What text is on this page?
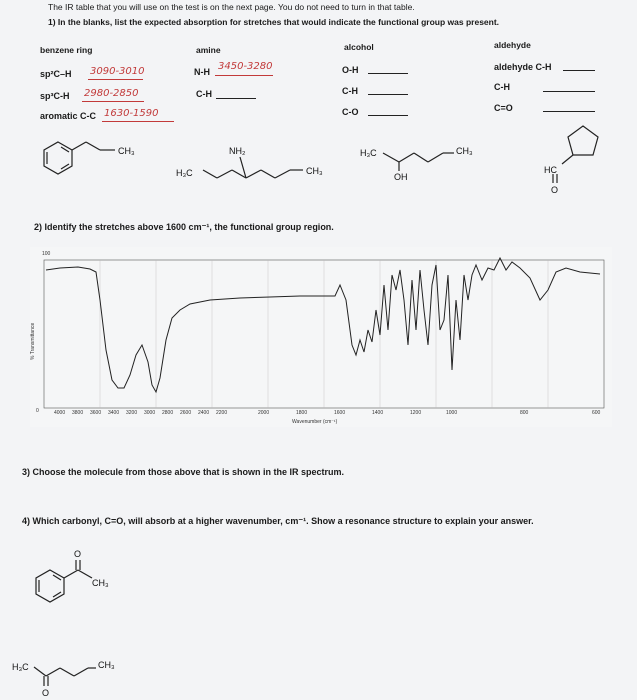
The IR table that you will use on the test is on the next page. You do not need to turn in that table.
1) In the blanks, list the expected absorption for stretches that would indicate the functional group was present.
benzene ring
sp²C–H 3090-3010
sp³C-H 2980-2850
aromatic C-C 1630-1590
amine
N-H 3450-3280
C-H
alcohol
O-H
C-H
C-O
aldehyde
aldehyde C-H
C-H
C=O
CH₃	NH₂
H₃C	CH₃
H₃C
OH
CH₃
HC
O
2) Identify the stretches above 1600 cm⁻¹, the functional group region.
100
0
% Transmittance
Wavenumber (cm⁻¹)
4000 3800 3600 3400 3200 3000 2800 2600 2400 2200	2000	1800	1600	1400	1200	1000	800	600
3) Choose the molecule from those above that is shown in the IR spectrum.
4) Which carbonyl, C=O, will absorb at a higher wavenumber, cm⁻¹. Show a resonance structure to explain your answer.
O
CH₃
H₃C	CH₃
O
